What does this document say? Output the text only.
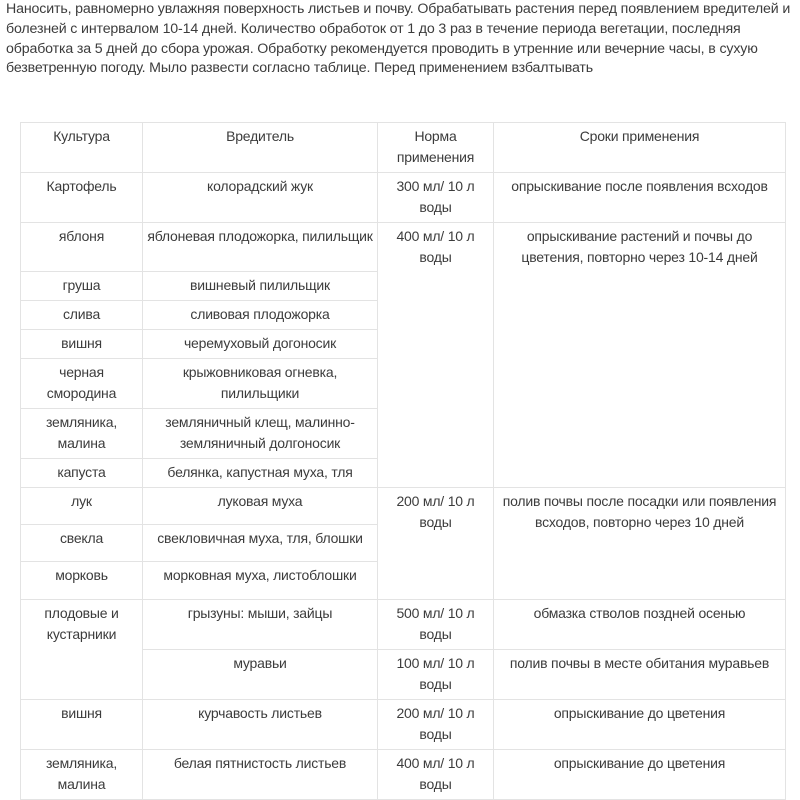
Наносить, равномерно увлажняя поверхность листьев и почву. Обрабатывать растения перед появлением вредителей и болезней с интервалом 10-14 дней. Количество обработок от 1 до 3 раз в течение периода вегетации, последняя обработка за 5 дней до сбора урожая. Обработку рекомендуется проводить в утренние или вечерние часы, в сухую безветренную погоду. Мыло развести согласно таблице. Перед применением взбалтывать

Культура	Вредитель	Норма применения	Сроки применения
Картофель	колорадский жук	300 мл/ 10 л воды	опрыскивание после появления всходов
яблоня	яблоневая плодожорка, пилильщик	400 мл/ 10 л воды	опрыскивание растений и почвы до цветения, повторно через 10-14 дней
груша	вишневый пилильщик		
слива	сливовая плодожорка		
вишня	черемуховый догоносик		
черная смородина	крыжовниковая огневка, пилильщики		
земляника, малина	земляничный клещ, малинно-земляничный долгоносик		
капуста	белянка, капустная муха, тля		
лук	луковая муха	200 мл/ 10 л воды	полив почвы после посадки или появления всходов, повторно через 10 дней
свекла	свекловичная муха, тля, блошки		
морковь	морковная муха, листоблошки		
плодовые и кустарники	грызуны: мыши, зайцы	500 мл/ 10 л воды	обмазка стволов поздней осенью
	муравьи	100 мл/ 10 л воды	полив почвы в месте обитания муравьев
вишня	курчавость листьев	200 мл/ 10 л воды	опрыскивание до цветения
земляника, малина	белая пятнистость листьев	400 мл/ 10 л воды	опрыскивание до цветения
